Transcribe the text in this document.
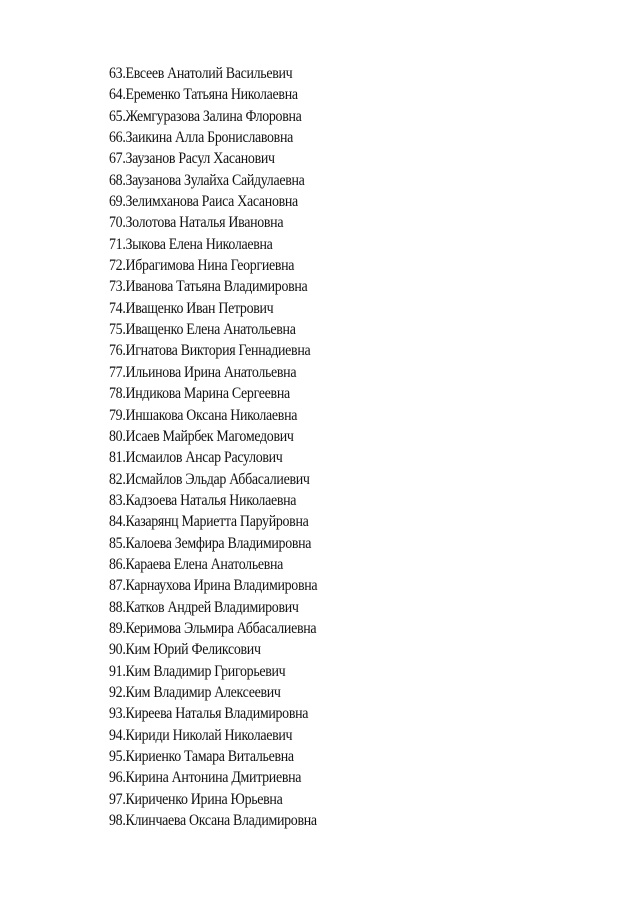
63.Евсеев Анатолий Васильевич
64.Еременко Татьяна Николаевна
65.Жемгуразова Залина Флоровна
66.Заикина Алла Брониславовна
67.Заузанов Расул Хасанович
68.Заузанова Зулайха Сайдулаевна
69.Зелимханова Раиса Хасановна
70.Золотова Наталья Ивановна
71.Зыкова Елена Николаевна
72.Ибрагимова Нина Георгиевна
73.Иванова Татьяна Владимировна
74.Иващенко Иван Петрович
75.Иващенко Елена Анатольевна
76.Игнатова Виктория Геннадиевна
77.Ильинова Ирина Анатольевна
78.Индикова Марина Сергеевна
79.Иншакова Оксана Николаевна
80.Исаев Майрбек Магомедович
81.Исмаилов Ансар Расулович
82.Исмайлов Эльдар Аббасалиевич
83.Кадзоева Наталья Николаевна
84.Казарянц Мариетта Паруйровна
85.Калоева Земфира Владимировна
86.Караева Елена Анатольевна
87.Карнаухова Ирина Владимировна
88.Катков Андрей Владимирович
89.Керимова Эльмира Аббасалиевна
90.Ким Юрий Феликсович
91.Ким Владимир Григорьевич
92.Ким Владимир Алексеевич
93.Киреева Наталья Владимировна
94.Кириди Николай Николаевич
95.Кириенко Тамара Витальевна
96.Кирина Антонина Дмитриевна
97.Кириченко Ирина Юрьевна
98.Клинчаева Оксана Владимировна
